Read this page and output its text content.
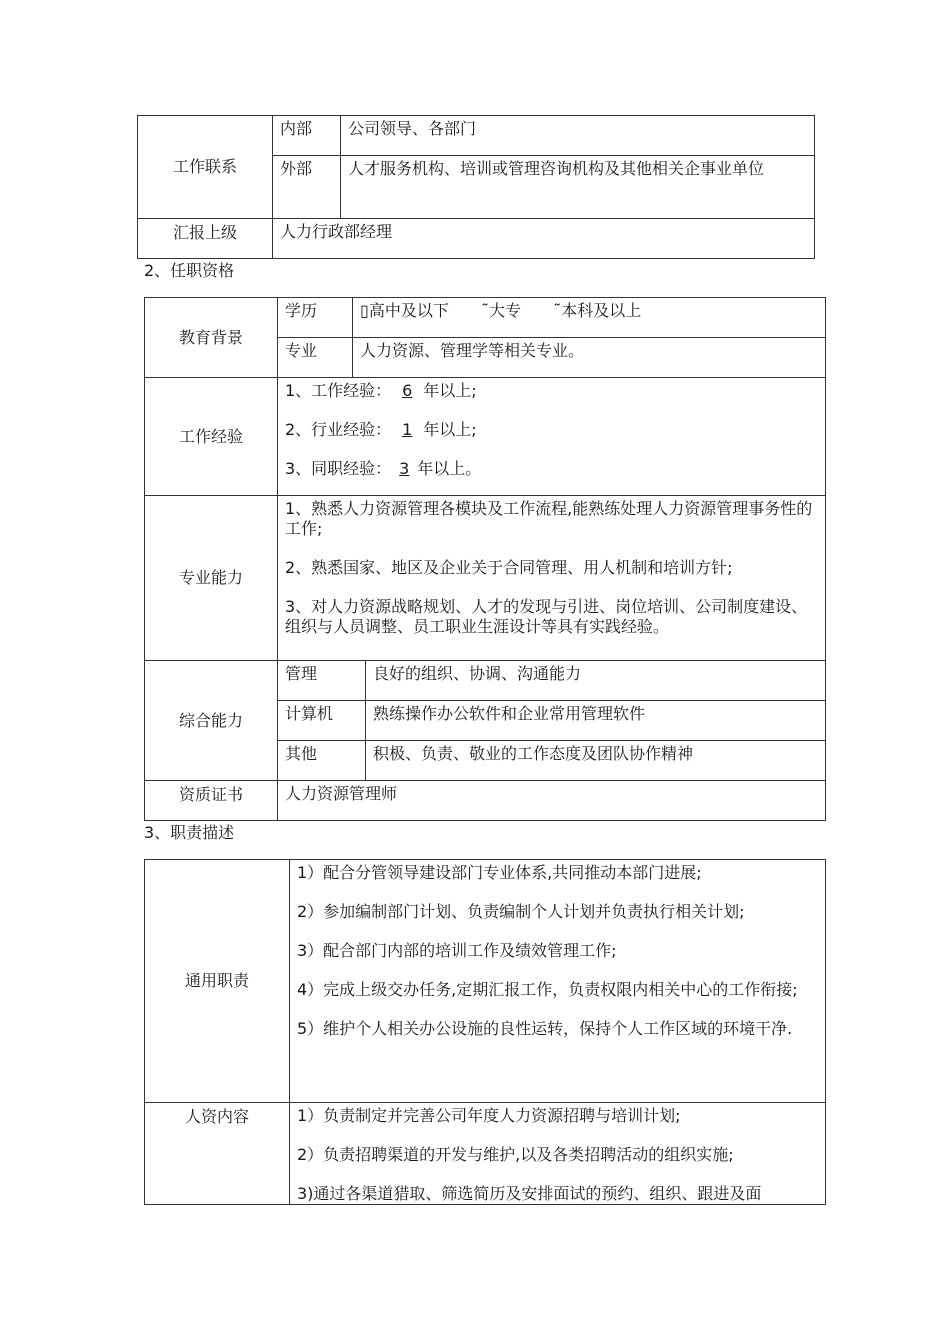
工作联系	内部	公司领导、各部门
	外部	人才服务机构、培训或管理咨询机构及其他相关企事业单位
汇报上级	人力行政部经理	

2、任职资格

教育背景	学历	▯高中及以下 ˜大专 ˜本科及以上	
	专业	人力资源、管理学等相关专业。	
工作经验	1、工作经验： 6 年以上;

2、行业经验： 1 年以上;

3、同职经验： 3 年以上。		

专业能力	1、熟悉人力资源管理各模块及工作流程,能熟练处理人力资源管理事务性的工作;

2、熟悉国家、地区及企业关于合同管理、用人机制和培训方针;

3、对人力资源战略规划、人才的发现与引进、岗位培训、公司制度建设、组织与人员调整、员工职业生涯设计等具有实践经验。		

综合能力	管理		良好的组织、协调、沟通能力
	计算机		熟练操作办公软件和企业常用管理软件
	其他		积极、负责、敬业的工作态度及团队协作精神
资质证书	人力资源管理师		

3、职责描述

通用职责	1）配合分管领导建设部门专业体系,共同推动本部门进展;

2）参加编制部门计划、负责编制个人计划并负责执行相关计划;

3）配合部门内部的培训工作及绩效管理工作;

4）完成上级交办任务,定期汇报工作，负责权限内相关中心的工作衔接;

5）维护个人相关办公设施的良性运转，保持个人工作区域的环境干净.

人资内容	1）负责制定并完善公司年度人力资源招聘与培训计划;

2）负责招聘渠道的开发与维护,以及各类招聘活动的组织实施;

3)通过各渠道猎取、筛选简历及安排面试的预约、组织、跟进及面
